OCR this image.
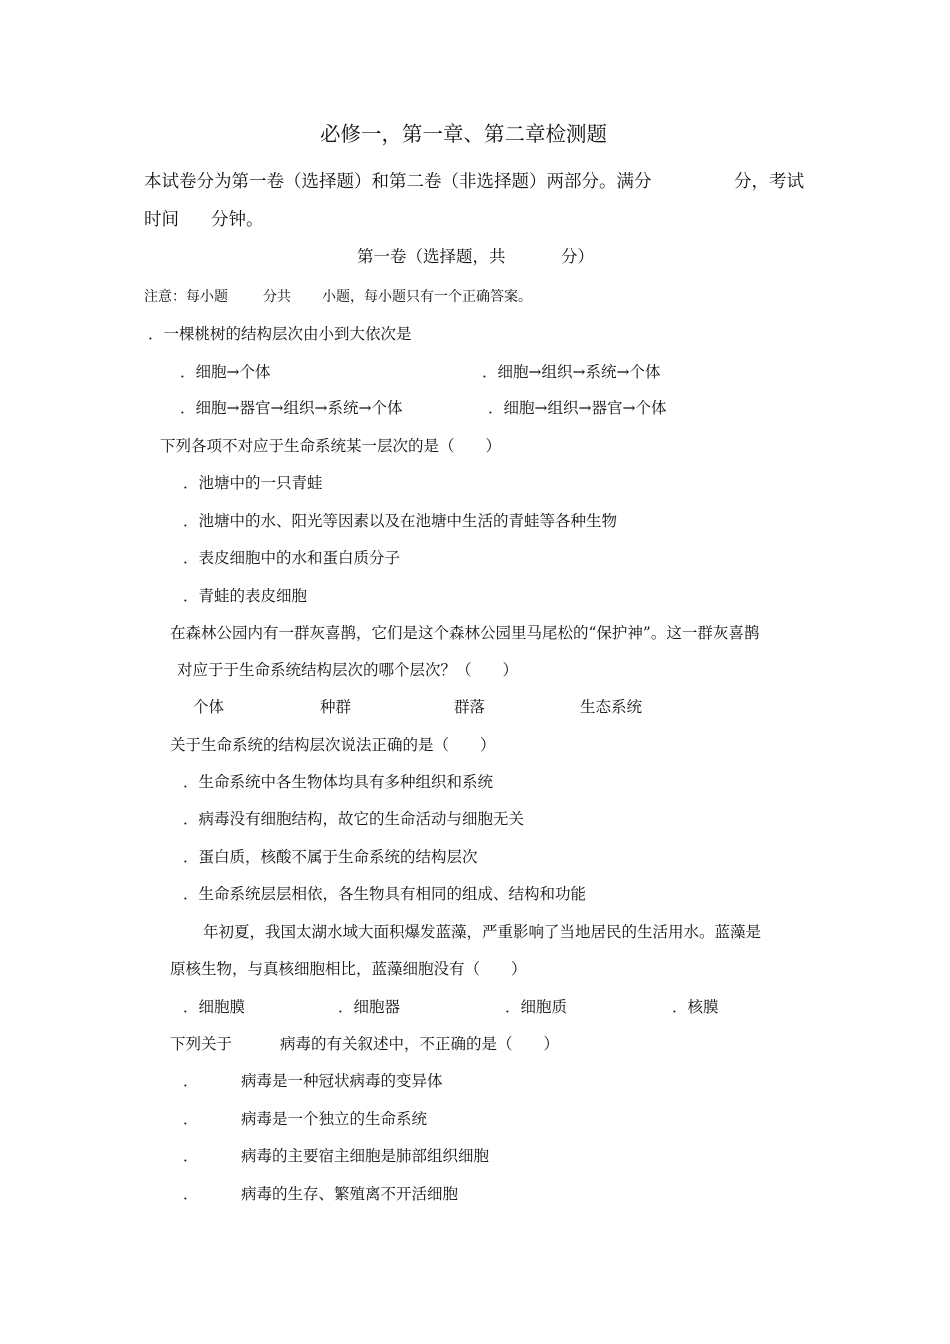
必修一，第一章、第二章检测题
本试卷分为第一卷（选择题）和第二卷（非选择题）两部分。满分	分，考试
时间 分钟。
第一卷（选择题，共	分）
注意：每小题	分共 小题，每小题只有一个正确答案。
．一棵桃树的结构层次由小到大依次是
．细胞→个体	．细胞→组织→系统→个体
．细胞→器官→组织→系统→个体	．细胞→组织→器官→个体
下列各项不对应于生命系统某一层次的是（　　）
．池塘中的一只青蛙
．池塘中的水、阳光等因素以及在池塘中生活的青蛙等各种生物
．表皮细胞中的水和蛋白质分子
．青蛙的表皮细胞
在森林公园内有一群灰喜鹊，它们是这个森林公园里马尾松的“保护神”。这一群灰喜鹊
对应于于生命系统结构层次的哪个层次？（　　）
个体	种群	群落	生态系统
关于生命系统的结构层次说法正确的是（　　）
．生命系统中各生物体均具有多种组织和系统
．病毒没有细胞结构，故它的生命活动与细胞无关
．蛋白质，核酸不属于生命系统的结构层次
．生命系统层层相依，各生物具有相同的组成、结构和功能
年初夏，我国太湖水域大面积爆发蓝藻，严重影响了当地居民的生活用水。蓝藻是
原核生物，与真核细胞相比，蓝藻细胞没有（　　）
．细胞膜	．细胞器	．细胞质	．核膜
下列关于	病毒的有关叙述中，不正确的是（　　）
．	病毒是一种冠状病毒的变异体
．	病毒是一个独立的生命系统
．	病毒的主要宿主细胞是肺部组织细胞
．	病毒的生存、繁殖离不开活细胞
